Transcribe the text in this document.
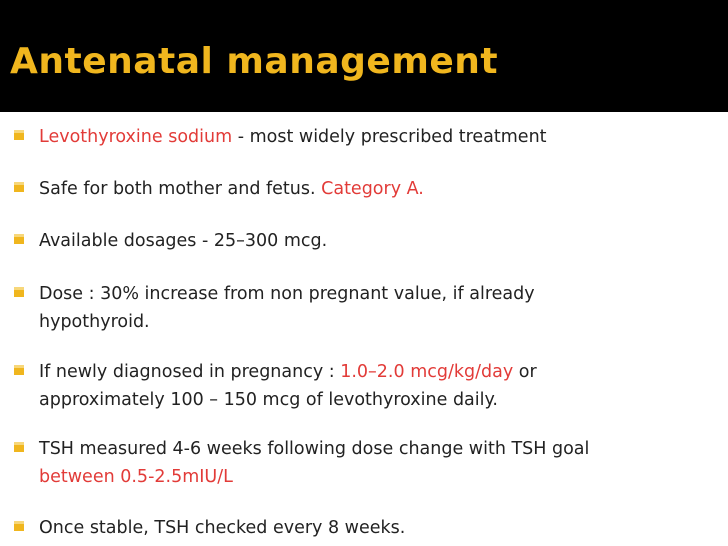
Antenatal management
Levothyroxine sodium - most widely prescribed treatment
Safe for both mother and fetus. Category A.
Available dosages - 25–300 mcg.
Dose : 30% increase from non pregnant value, if already
hypothyroid.
If newly diagnosed in pregnancy : 1.0–2.0 mcg/kg/day or
approximately 100 – 150 mcg of levothyroxine daily.
TSH measured 4-6 weeks following dose change with TSH goal
between 0.5-2.5mIU/L
Once stable, TSH checked every 8 weeks.
